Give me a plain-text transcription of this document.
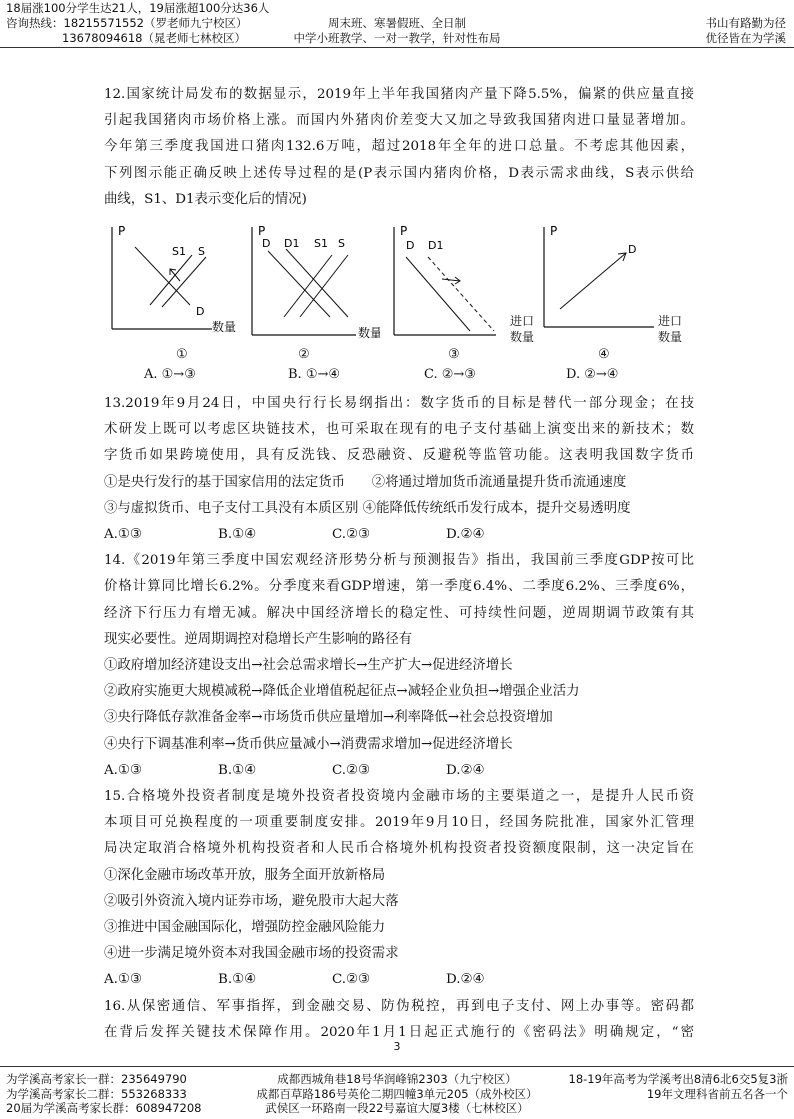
18届涨100分学生达21人，19届涨超100分达36人
咨询热线：18215571552（罗老师九宁校区）
13678094618（晁老师七林校区）
周末班、寒暑假班、全日制
中学小班教学、一对一教学，针对性布局
书山有路勤为径
优径皆在为学溪

12.国家统计局发布的数据显示，2019年上半年我国猪肉产量下降5.5%，偏紧的供应量直接

引起我国猪肉市场价格上涨。而国内外猪肉价差变大又加之导致我国猪肉进口量显著增加。

今年第三季度我国进口猪肉132.6万吨，超过2018年全年的进口总量。不考虑其他因素，

下列图示能正确反映上述传导过程的是(P表示国内猪肉价格，D表示需求曲线，S表示供给

曲线，S1、D1表示变化后的情况)

P
数量
S1 S
D
P
数量
D D1 S1 S
P
D D1
P
D
进口
数量
进口
数量
①	②	③	④
A. ①→③	B. ①→④	C. ②→③	D. ②→④

13.2019年9月24日，中国央行行长易纲指出：数字货币的目标是替代一部分现金；在技

术研发上既可以考虑区块链技术，也可采取在现有的电子支付基础上演变出来的新技术；数

字货币如果跨境使用，具有反洗钱、反恐融资、反避税等监管功能。这表明我国数字货币

①是央行发行的基于国家信用的法定货币　　②将通过增加货币流通量提升货币流通速度

③与虚拟货币、电子支付工具没有本质区别 ④能降低传统纸币发行成本，提升交易透明度

A.①③	B.①④	C.②③	D.②④

14.《2019年第三季度中国宏观经济形势分析与预测报告》指出，我国前三季度GDP按可比

价格计算同比增长6.2%。分季度来看GDP增速，第一季度6.4%、二季度6.2%、三季度6%，

经济下行压力有增无减。解决中国经济增长的稳定性、可持续性问题，逆周期调节政策有其

现实必要性。逆周期调控对稳增长产生影响的路径有

①政府增加经济建设支出→社会总需求增长→生产扩大→促进经济增长

②政府实施更大规模减税→降低企业增值税起征点→减轻企业负担→增强企业活力

③央行降低存款准备金率→市场货币供应量增加→利率降低→社会总投资增加

④央行下调基准利率→货币供应量减小→消费需求增加→促进经济增长

A.①③	B.①④	C.②③	D.②④

15.合格境外投资者制度是境外投资者投资境内金融市场的主要渠道之一，是提升人民币资

本项目可兑换程度的一项重要制度安排。2019年9月10日，经国务院批准，国家外汇管理

局决定取消合格境外机构投资者和人民币合格境外机构投资者投资额度限制，这一决定旨在

①深化金融市场改革开放，服务全面开放新格局

②吸引外资流入境内证券市场，避免股市大起大落

③推进中国金融国际化，增强防控金融风险能力

④进一步满足境外资本对我国金融市场的投资需求

A.①③	B.①④	C.②③	D.②④

16.从保密通信、军事指挥，到金融交易、防伪税控，再到电子支付、网上办事等。密码都

在背后发挥关键技术保障作用。2020年1月1日起正式施行的《密码法》明确规定，“密

3
为学溪高考家长一群：235649790
为学溪高考家长二群：553268333
20届为学溪高考家长群：608947208
成都西城角巷18号华润峰锦2303（九宁校区）
成都百草路186号英伦二期四幢3单元205（成外校区）
武侯区一环路南一段22号嘉谊大厦3楼（七林校区）
18-19年高考为学溪考出8清6北6交5复3浙
19年文理科省前五名各一个
